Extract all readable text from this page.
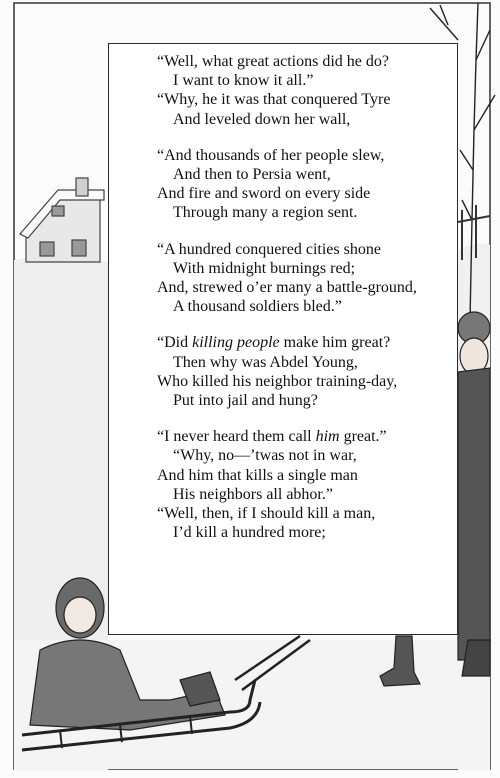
“Well, what great actions did he do?
I want to know it all.”
“Why, he it was that conquered Tyre
And leveled down her wall,
“And thousands of her people slew,
And then to Persia went,
And fire and sword on every side
Through many a region sent.
“A hundred conquered cities shone
With midnight burnings red;
And, strewed o’er many a battle-ground,
A thousand soldiers bled.”
“Did killing people make him great?
Then why was Abdel Young,
Who killed his neighbor training-day,
Put into jail and hung?
“I never heard them call him great.”
“Why, no—’twas not in war,
And him that kills a single man
His neighbors all abhor.”
“Well, then, if I should kill a man,
I’d kill a hundred more;
